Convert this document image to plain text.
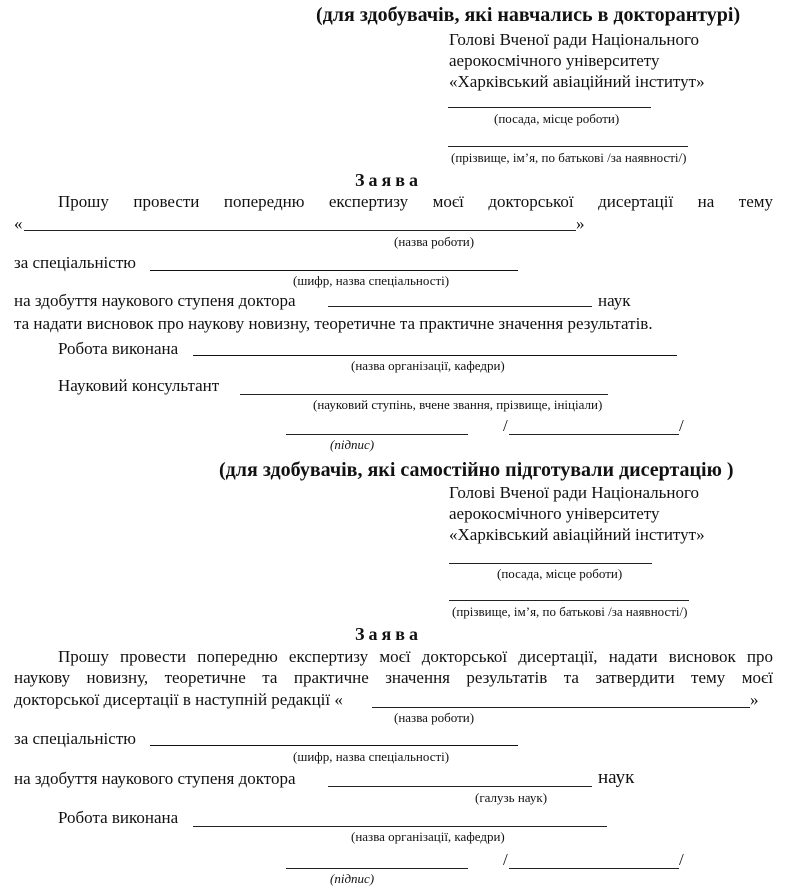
(для здобувачів, які навчались в докторантурі)
Голові Вченої ради Національного
аерокосмічного університету
«Харківський авіаційний інститут»
(посада, місце роботи)
(прізвище, ім’я, по батькові /за наявності/)
Заява
Прошу провести попередню експертизу моєї докторської дисертації на тему
«	»
(назва роботи)
за спеціальністю
(шифр, назва спеціальності)
на здобуття наукового ступеня доктора	наук
та надати висновок про наукову новизну, теоретичне та практичне значення результатів.
Робота виконана
(назва організації, кафедри)
Науковий консультант
(науковий ступінь, вчене звання, прізвище, ініціали)
/	/
(підпис)
(для здобувачів, які самостійно підготували дисертацію )
Голові Вченої ради Національного
аерокосмічного університету
«Харківський авіаційний інститут»
(посада, місце роботи)
(прізвище, ім’я, по батькові /за наявності/)
Заява
Прошу провести попередню експертизу моєї докторської дисертації, надати висновок про
наукову новизну, теоретичне та практичне значення результатів та затвердити тему моєї
докторської дисертації в наступній редакції «	»
(назва роботи)
за спеціальністю
(шифр, назва спеціальності)
на здобуття наукового ступеня доктора	наук
(галузь наук)
Робота виконана
(назва організації, кафедри)
/	/
(підпис)
